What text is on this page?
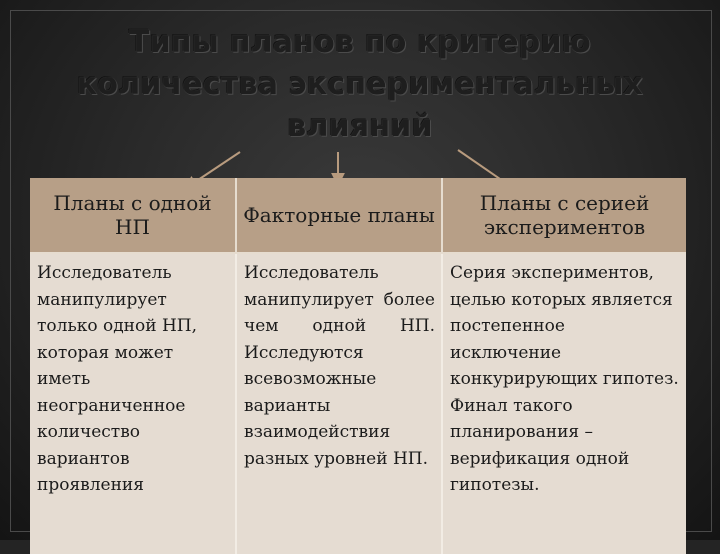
Типы планов по критерию
количества экспериментальных
влияний
Планы с одной НП	Факторные планы	Планы с серией экспериментов
Исследователь манипулирует только одной НП, которая может иметь неограниченное количество вариантов проявления	Исследователь манипулирует более чем одной НП. Исследуются всевозможные варианты взаимодействия разных уровней НП.	Серия экспериментов, целью которых является постепенное исключение конкурирующих гипотез. Финал такого планирования – верификация одной гипотезы.
